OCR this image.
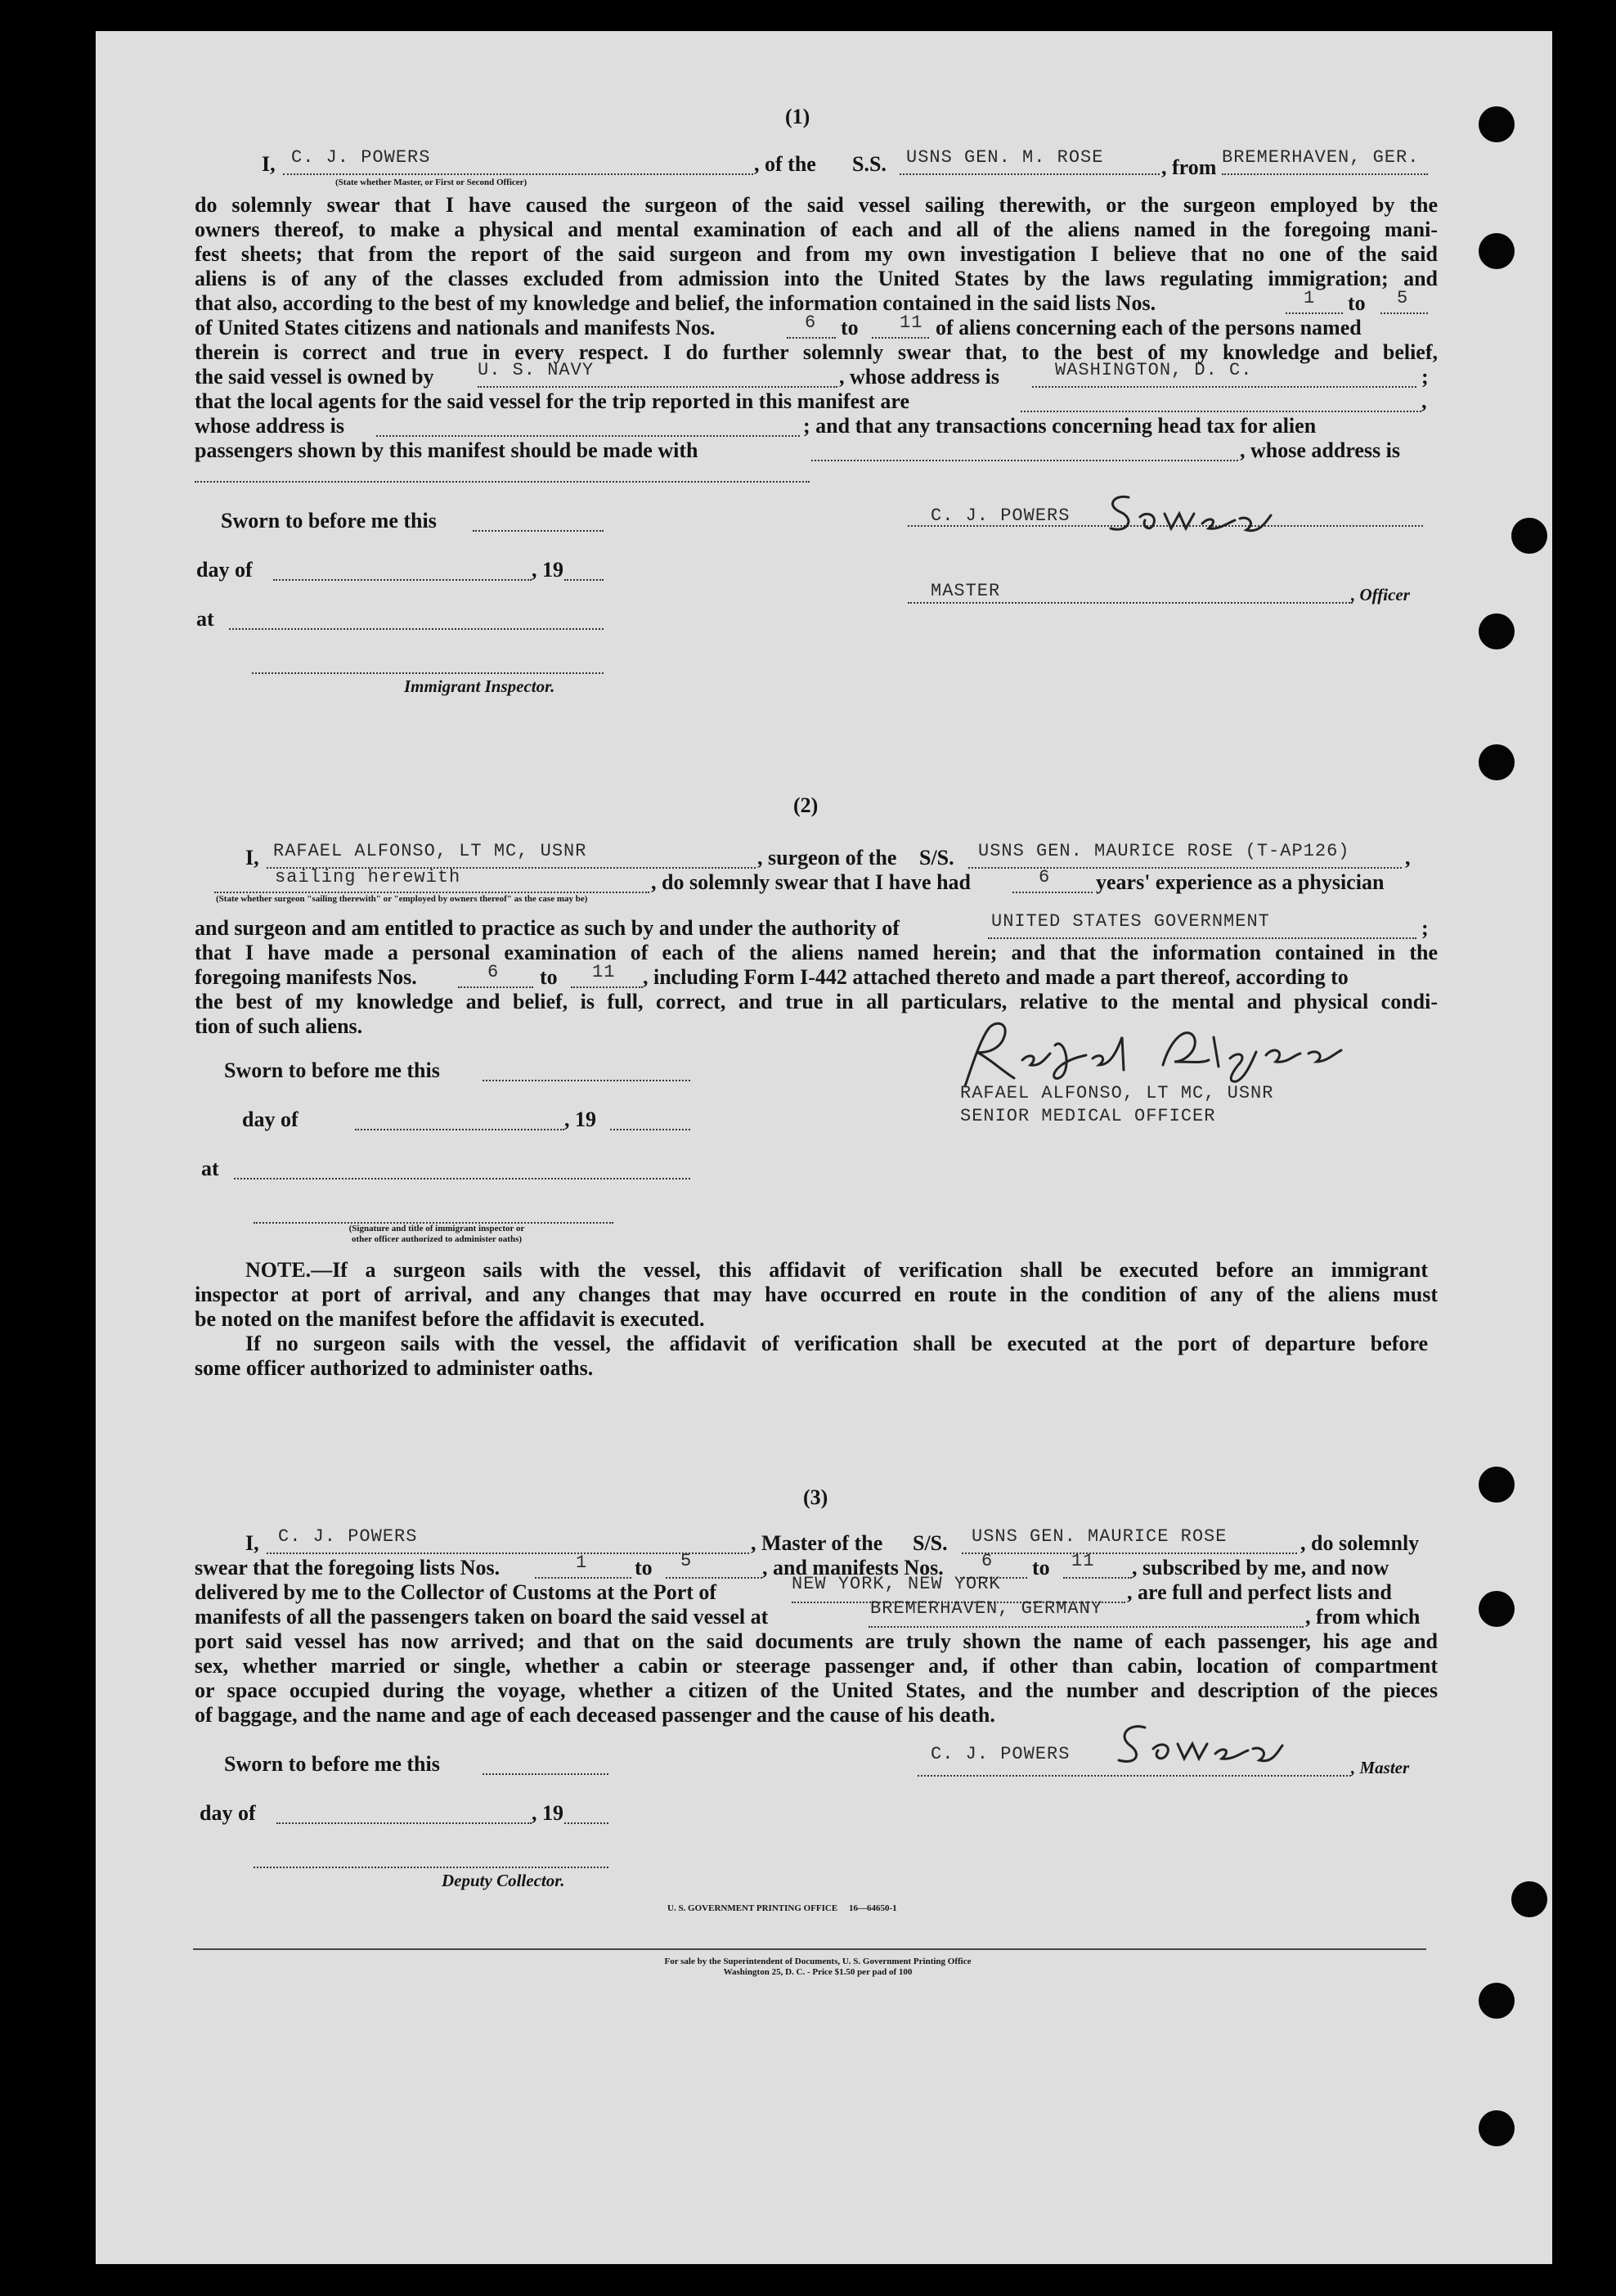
(1)
I, C. J. POWERS	, of the S.S. USNS GEN. M. ROSE	, from BREMERHAVEN, GER.
(State whether Master, or First or Second Officer)
do solemnly swear that I have caused the surgeon of the said vessel sailing therewith, or the surgeon employed by the
owners thereof, to make a physical and mental examination of each and all of the aliens named in the foregoing mani-
fest sheets; that from the report of the said surgeon and from my own investigation I believe that no one of the said
aliens is of any of the classes excluded from admission into the United States by the laws regulating immigration; and
that also, according to the best of my knowledge and belief, the information contained in the said lists Nos.	1 to 5
of United States citizens and nationals and manifests Nos.	6 to 11 of aliens concerning each of the persons named
therein is correct and true in every respect. I do further solemnly swear that, to the best of my knowledge and belief,
the said vessel is owned by U. S. NAVY	, whose address is	WASHINGTON, D. C.	;
that the local agents for the said vessel for the trip reported in this manifest are	,
whose address is	; and that any transactions concerning head tax for alien
passengers shown by this manifest should be made with	, whose address is
Sworn to before me this
day of	, 19
at
Immigrant Inspector.
C. J. POWERS
MASTER	, Officer
(2)
I, RAFAEL ALFONSO, LT MC, USNR	, surgeon of the S/S. USNS GEN. MAURICE ROSE (T-AP126)	,
sailing herewith	, do solemnly swear that I have had	6 years' experience as a physician
(State whether surgeon "sailing therewith" or "employed by owners thereof" as the case may be)
and surgeon and am entitled to practice as such by and under the authority of	UNITED STATES GOVERNMENT	;
that I have made a personal examination of each of the aliens named herein; and that the information contained in the
foregoing manifests Nos.	6 to 11 , including Form I-442 attached thereto and made a part thereof, according to
the best of my knowledge and belief, is full, correct, and true in all particulars, relative to the mental and physical condi-
tion of such aliens.
Sworn to before me this
day of	, 19
at
(Signature and title of immigrant inspector or
other officer authorized to administer oaths)
RAFAEL ALFONSO, LT MC, USNR
SENIOR MEDICAL OFFICER
NOTE.—If a surgeon sails with the vessel, this affidavit of verification shall be executed before an immigrant
inspector at port of arrival, and any changes that may have occurred en route in the condition of any of the aliens must
be noted on the manifest before the affidavit is executed.
If no surgeon sails with the vessel, the affidavit of verification shall be executed at the port of departure before
some officer authorized to administer oaths.
(3)
I, C. J. POWERS	, Master of the S/S. USNS GEN. MAURICE ROSE	, do solemnly
swear that the foregoing lists Nos.	1 to 5	, and manifests Nos. 6 to 11 , subscribed by me, and now
delivered by me to the Collector of Customs at the Port of	NEW YORK, NEW YORK	, are full and perfect lists and
manifests of all the passengers taken on board the said vessel at	BREMERHAVEN, GERMANY	, from which
port said vessel has now arrived; and that on the said documents are truly shown the name of each passenger, his age and
sex, whether married or single, whether a cabin or steerage passenger and, if other than cabin, location of compartment
or space occupied during the voyage, whether a citizen of the United States, and the number and description of the pieces
of baggage, and the name and age of each deceased passenger and the cause of his death.
Sworn to before me this
day of	, 19
Deputy Collector.
C. J. POWERS
, Master
U. S. GOVERNMENT PRINTING OFFICE     16—64650-1
For sale by the Superintendent of Documents, U. S. Government Printing Office
Washington 25, D. C. - Price $1.50 per pad of 100
